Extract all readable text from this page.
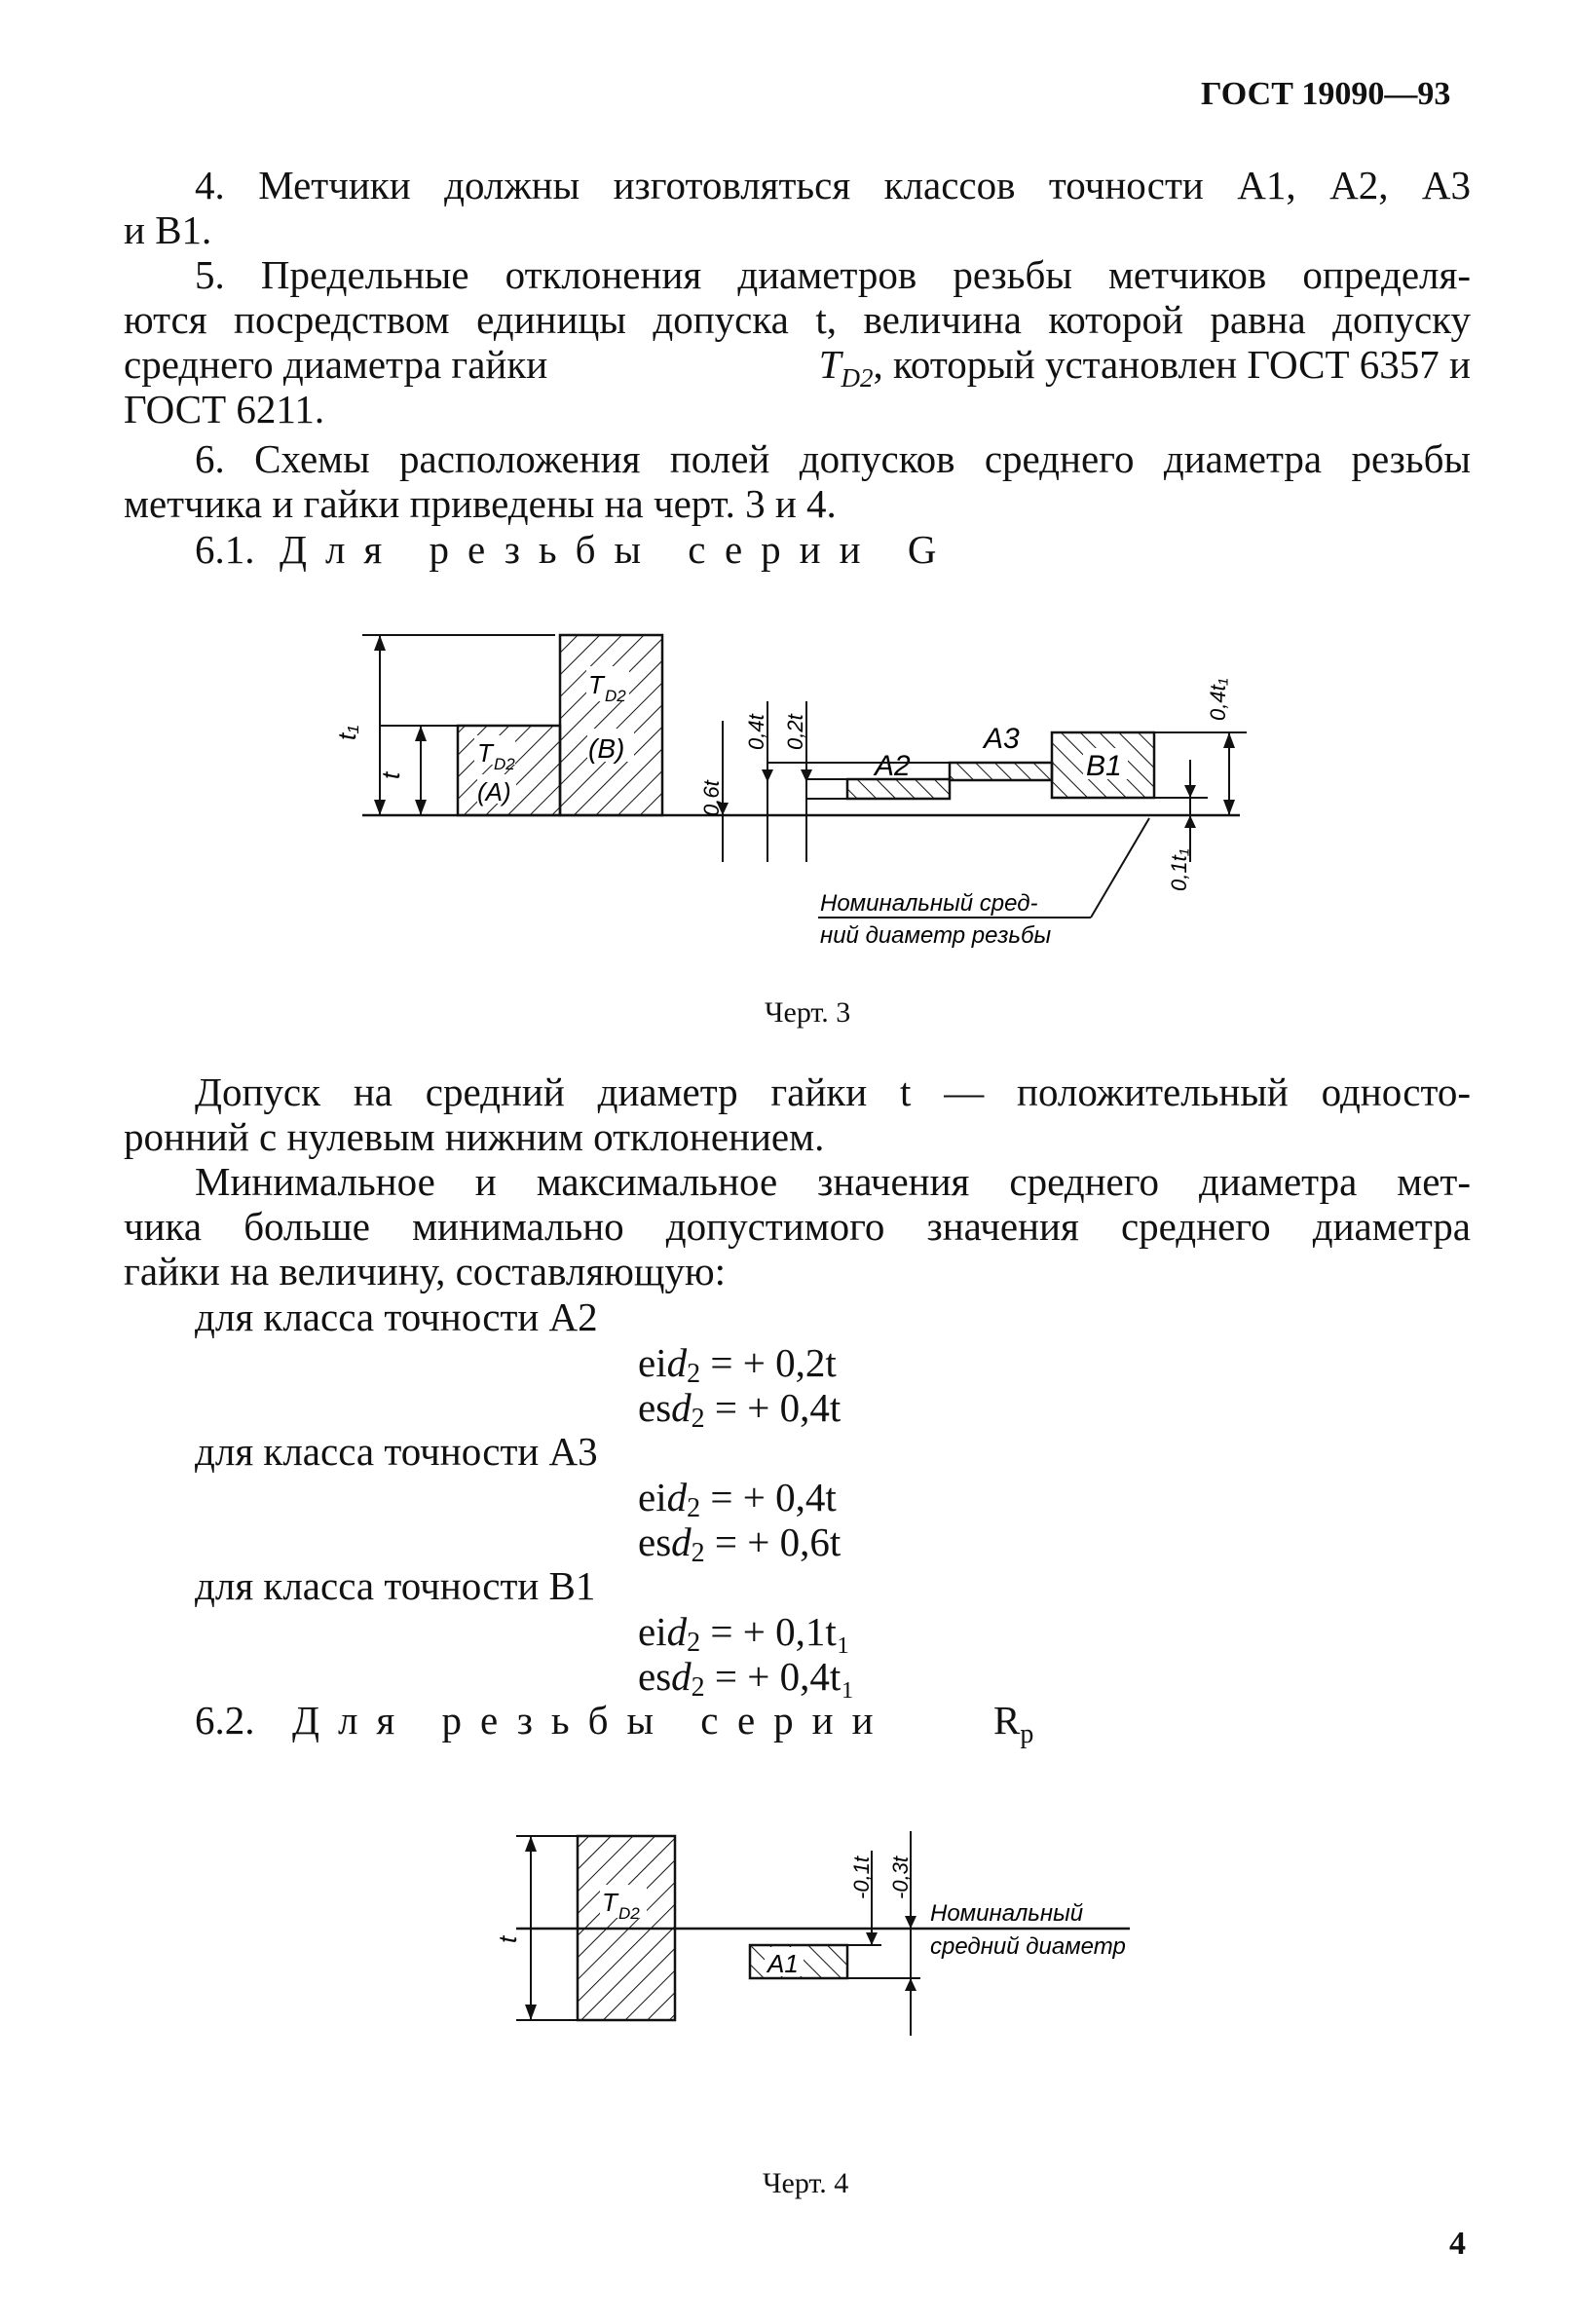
ГОСТ 19090—93
4. Метчики должны изготовляться классов точности А1, А2, А3
и В1.
5. Предельные отклонения диаметров резьбы метчиков определя-
ются посредством единицы допуска t, величина которой равна допуску
среднего диаметра гайки	$T_{D2}$, который установлен ГОСТ 6357 и
ГОСТ 6211.
6. Схемы расположения полей допусков среднего диаметра резьбы
метчика и гайки приведены на черт. 3 и 4.
6.1. Для резьбы серии G
t₁
t
T D2
(A)
T D2
(B)
0,6t
0,4t 0,2t
A2
A3
B1
0,4t₁
0,1t₁
Номинальный сред-
ний диаметр резьбы
Черт. 3
Допуск на средний диаметр гайки t — положительный односто-
ронний с нулевым нижним отклонением.
Минимальное и максимальное значения среднего диаметра мет-
чика больше минимально допустимого значения среднего диаметра
гайки на величину, составляющую:
для класса точности А2
eid$_2$ = + 0,2t
esd$_2$ = + 0,4t
для класса точности А3
eid$_2$ = + 0,4t
esd$_2$ = + 0,6t
для класса точности В1
eid$_2$ = + 0,1t₁
esd$_2$ = + 0,4t₁
6.2. Для резьбы серии	$R_p$
t
T D2
A1
-0,1t -0,3t
Номинальный
средний диаметр
Черт. 4
4
